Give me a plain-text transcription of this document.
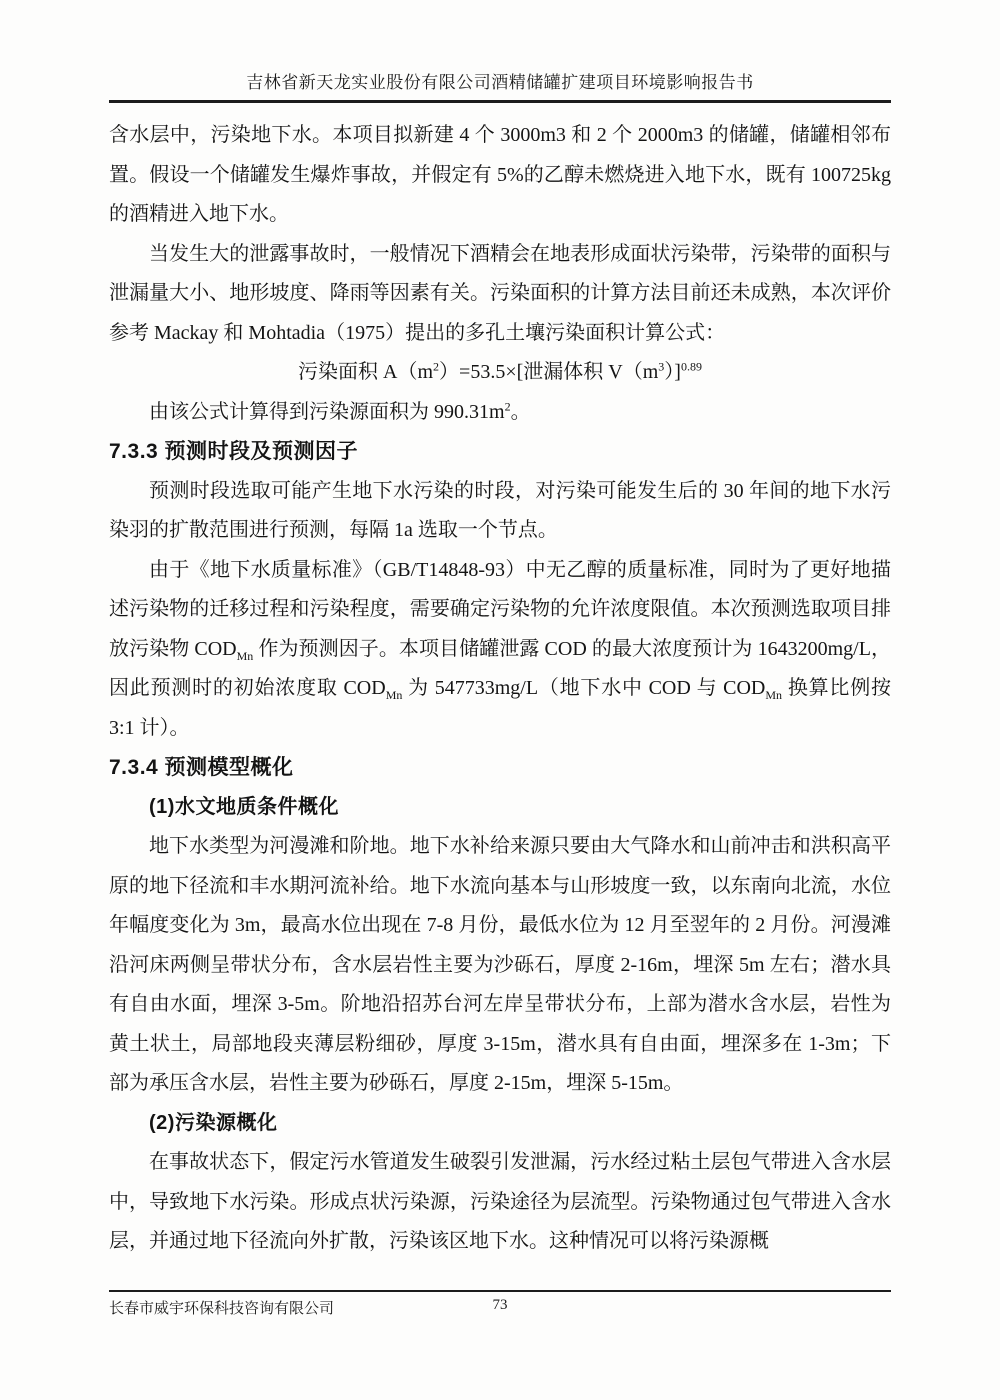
吉林省新天龙实业股份有限公司酒精储罐扩建项目环境影响报告书

含水层中，污染地下水。本项目拟新建 4 个 3000m3 和 2 个 2000m3 的储罐，储罐相邻布置。假设一个储罐发生爆炸事故，并假定有 5%的乙醇未燃烧进入地下水，既有 100725kg 的酒精进入地下水。

当发生大的泄露事故时，一般情况下酒精会在地表形成面状污染带，污染带的面积与泄漏量大小、地形坡度、降雨等因素有关。污染面积的计算方法目前还未成熟，本次评价参考 Mackay 和 Mohtadia（1975）提出的多孔土壤污染面积计算公式：

污染面积 $A(m^2)=53.5\times$[泄漏体积 $V(m^3)]^{0.89}$

由该公式计算得到污染源面积为 $990.31m^2$。

7.3.3 预测时段及预测因子

预测时段选取可能产生地下水污染的时段，对污染可能发生后的 30 年间的地下水污染羽的扩散范围进行预测，每隔 1a 选取一个节点。

由于《地下水质量标准》（GB/T14848-93）中无乙醇的质量标准，同时为了更好地描述污染物的迁移过程和污染程度，需要确定污染物的允许浓度限值。本次预测选取项目排放污染物 $COD_{Mn}$ 作为预测因子。本项目储罐泄露 COD 的最大浓度预计为 1643200mg/L，因此预测时的初始浓度取 $COD_{Mn}$ 为 547733mg/L（地下水中 COD 与 $COD_{Mn}$ 换算比例按 3:1 计）。

7.3.4 预测模型概化
(1)水文地质条件概化

地下水类型为河漫滩和阶地。地下水补给来源只要由大气降水和山前冲击和洪积高平原的地下径流和丰水期河流补给。地下水流向基本与山形坡度一致，以东南向北流，水位年幅度变化为 3m，最高水位出现在 7-8 月份，最低水位为 12 月至翌年的 2 月份。河漫滩沿河床两侧呈带状分布，含水层岩性主要为沙砾石，厚度 2-16m，埋深 5m 左右；潜水具有自由水面，埋深 3-5m。阶地沿招苏台河左岸呈带状分布，上部为潜水含水层，岩性为黄土状土，局部地段夹薄层粉细砂，厚度 3-15m，潜水具有自由面，埋深多在 1-3m；下部为承压含水层，岩性主要为砂砾石，厚度 2-15m，埋深 5-15m。

(2)污染源概化

在事故状态下，假定污水管道发生破裂引发泄漏，污水经过粘土层包气带进入含水层中，导致地下水污染。形成点状污染源，污染途径为层流型。污染物通过包气带进入含水层，并通过地下径流向外扩散，污染该区地下水。这种情况可以将污染源概

长春市威宇环保科技咨询有限公司	73
